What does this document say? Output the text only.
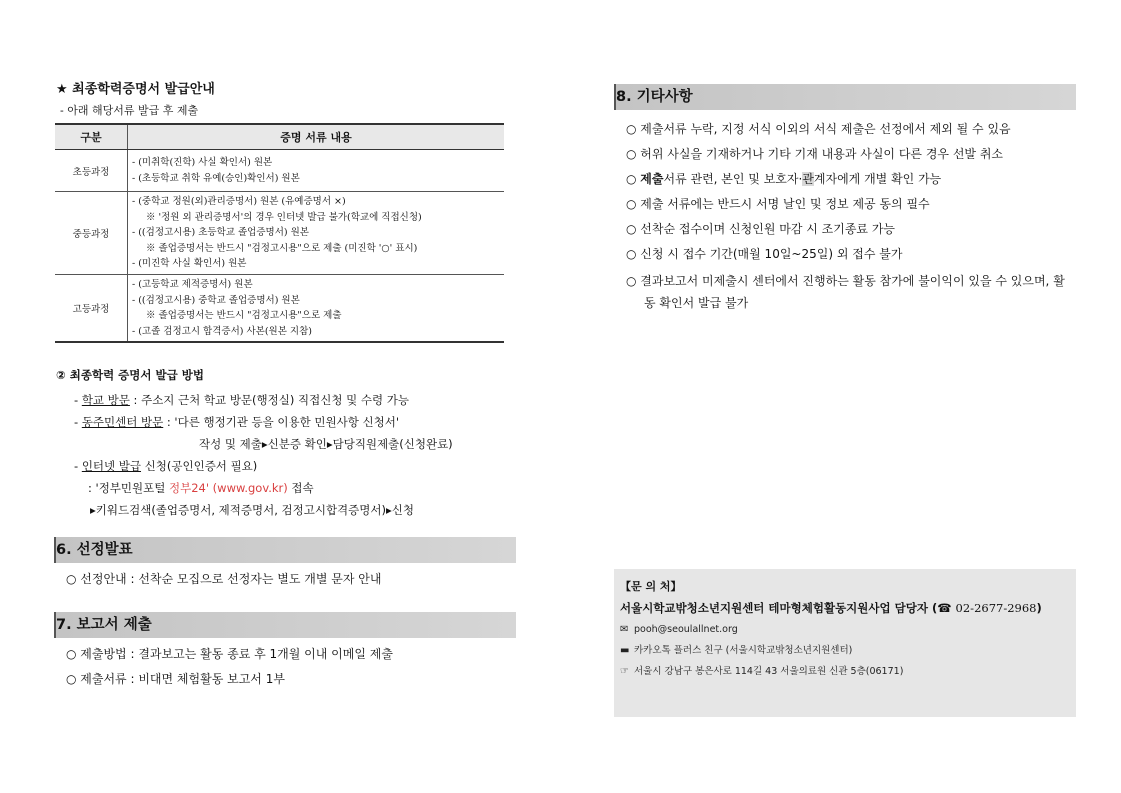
★ 최종학력증명서 발급안내
- 아래 해당서류 발급 후 제출
구분	증명 서류 내용
초등과정	- (미취학(진학) 사실 확인서) 원본
- (초등학교 취학 유예(승인)확인서) 원본

중등과정	- (중학교 정원(외)관리증명서) 원본 (유예증명서 ×)
※ '정원 외 관리증명서'의 경우 인터넷 발급 불가(학교에 직접신청)
- ((검정고시용) 초등학교 졸업증명서) 원본
※ 졸업증명서는 반드시 "검정고시용"으로 제출 (미진학 '○' 표시)
- (미진학 사실 확인서) 원본

고등과정	- (고등학교 제적증명서) 원본
- ((검정고시용) 중학교 졸업증명서) 원본
※ 졸업증명서는 반드시 "검정고시용"으로 제출
- (고졸 검정고시 합격증서) 사본(원본 지참)
② 최종학력 증명서 발급 방법
- 학교 방문 : 주소지 근처 학교 방문(행정실) 직접신청 및 수령 가능
- 동주민센터 방문 : '다른 행정기관 등을 이용한 민원사항 신청서'
작성 및 제출▸신분증 확인▸담당직원제출(신청완료)
- 인터넷 발급 신청(공인인증서 필요)
: '정부민원포털 정부24' (www.gov.kr) 접속
▸키워드검색(졸업증명서, 제적증명서, 검정고시합격증명서)▸신청
6. 선정발표
○ 선정안내 : 선착순 모집으로 선정자는 별도 개별 문자 안내
7. 보고서 제출
○ 제출방법 : 결과보고는 활동 종료 후 1개월 이내 이메일 제출
○ 제출서류 : 비대면 체험활동 보고서 1부
8. 기타사항
○ 제출서류 누락, 지정 서식 이외의 서식 제출은 선정에서 제외 될 수 있음
○ 허위 사실을 기재하거나 기타 기재 내용과 사실이 다른 경우 선발 취소
○ 제출서류 관련, 본인 및 보호자·관계자에게 개별 확인 가능
○ 제출 서류에는 반드시 서명 날인 및 정보 제공 동의 필수
○ 선착순 접수이며 신청인원 마감 시 조기종료 가능
○ 신청 시 접수 기간(매월 10일~25일) 외 접수 불가
○ 결과보고서 미제출시 센터에서 진행하는 활동 참가에 불이익이 있을 수 있으며, 활동 확인서 발급 불가
【문 의 처】
서울시학교밖청소년지원센터 테마형체험활동지원사업 담당자 (☎ 02-2677-2968)
✉ pooh@seoulallnet.org
▬ 카카오톡 플러스 친구 (서울시학교밖청소년지원센터)
☞ 서울시 강남구 봉은사로 114길 43 서울의료원 신관 5층(06171)
